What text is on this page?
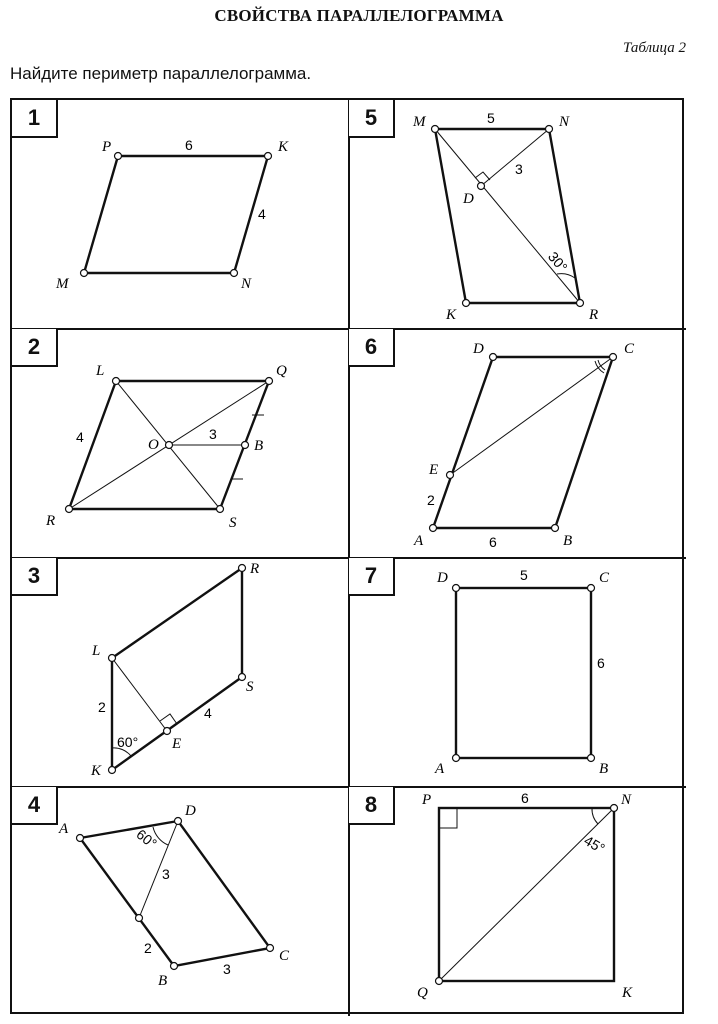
СВОЙСТВА ПАРАЛЛЕЛОГРАММА
Таблица 2
Найдите периметр параллелограмма.
1
P	K
M	N
6
4
2
L	Q
O	B
R	S
4	3
3	R
L
S
E
K
2	4
60°
4
A
D
B
C
60°
3
2
3
5	M	N
D
K	R
5
3
30°
6	D	C
E
A	B
2
6
7	D	C
A	B
5
6
8	P	N
Q	K
6
45°
